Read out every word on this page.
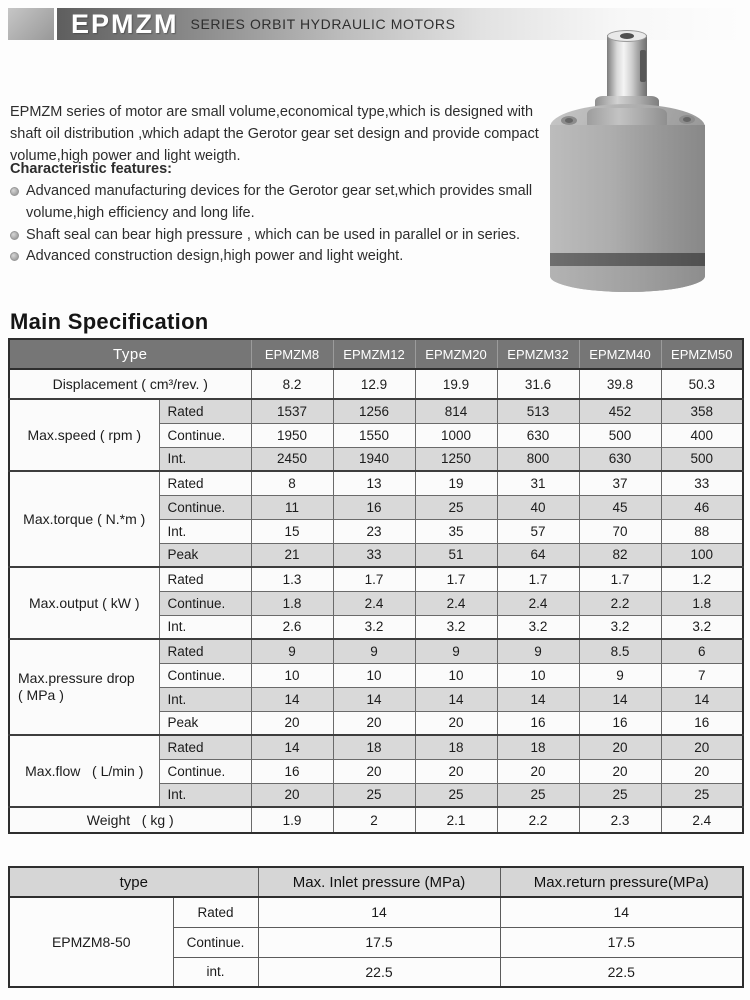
EPMZM SERIES ORBIT HYDRAULIC MOTORS

EPMZM series of motor are small volume,economical type,which is designed with shaft oil distribution ,which adapt the Gerotor gear set design and provide compact volume,high power and light weigth.

Characteristic features:
Advanced manufacturing devices for the Gerotor gear set,which provides small volume,high efficiency and long life.
Shaft seal can bear high pressure , which can be used in parallel or in series.
Advanced construction design,high power and light weight.
Main Specification
Type		EPMZM8	EPMZM12	EPMZM20	EPMZM32	EPMZM40	EPMZM50
Displacement ( cm³/rev. )		8.2	12.9	19.9	31.6	39.8	50.3
Max.speed ( rpm )	Rated	1537	1256	814	513	452	358
	Continue.	1950	1550	1000	630	500	400
	Int.	2450	1940	1250	800	630	500
Max.torque ( N.*m )	Rated	8	13	19	31	37	33
	Continue.	11	16	25	40	45	46
	Int.	15	23	35	57	70	88
	Peak	21	33	51	64	82	100
Max.output ( kW )	Rated	1.3	1.7	1.7	1.7	1.7	1.2
	Continue.	1.8	2.4	2.4	2.4	2.2	1.8
	Int.	2.6	3.2	3.2	3.2	3.2	3.2

Max.pressure drop
( MPa )	Rated	9	9	9	9	8.5	6
	Continue.	10	10	10	10	9	7
	Int.	14	14	14	14	14	14
	Peak	20	20	20	16	16	16
Max.flow   ( L/min )	Rated	14	18	18	18	20	20
	Continue.	16	20	20	20	20	20
	Int.	20	25	25	25	25	25
Weight   ( kg )		1.9	2	2.1	2.2	2.3	2.4
type		Max. Inlet pressure (MPa)	Max.return pressure(MPa)
EPMZM8-50	Rated	14	14
	Continue.	17.5	17.5
	int.	22.5	22.5
